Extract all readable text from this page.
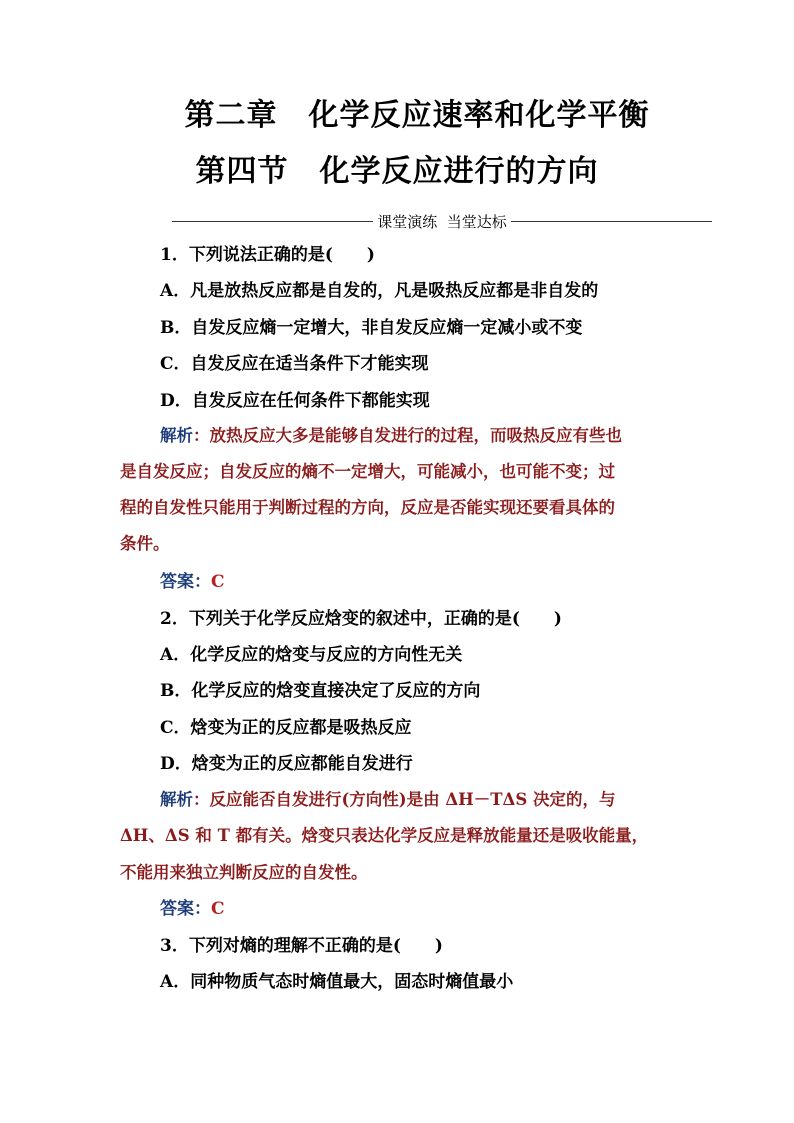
第二章　化学反应速率和化学平衡
第四节　化学反应进行的方向
课堂演练  当堂达标
1．下列说法正确的是(　　)
A．凡是放热反应都是自发的，凡是吸热反应都是非自发的
B．自发反应熵一定增大，非自发反应熵一定减小或不变
C．自发反应在适当条件下才能实现
D．自发反应在任何条件下都能实现
解析：放热反应大多是能够自发进行的过程，而吸热反应有些也
是自发反应；自发反应的熵不一定增大，可能减小，也可能不变；过
程的自发性只能用于判断过程的方向，反应是否能实现还要看具体的
条件。
答案：C
2．下列关于化学反应焓变的叙述中，正确的是(　　)
A．化学反应的焓变与反应的方向性无关
B．化学反应的焓变直接决定了反应的方向
C．焓变为正的反应都是吸热反应
D．焓变为正的反应都能自发进行
解析：反应能否自发进行(方向性)是由 ΔH－TΔS 决定的，与
ΔH、ΔS 和 T 都有关。焓变只表达化学反应是释放能量还是吸收能量，
不能用来独立判断反应的自发性。
答案：C
3．下列对熵的理解不正确的是(　　)
A．同种物质气态时熵值最大，固态时熵值最小
